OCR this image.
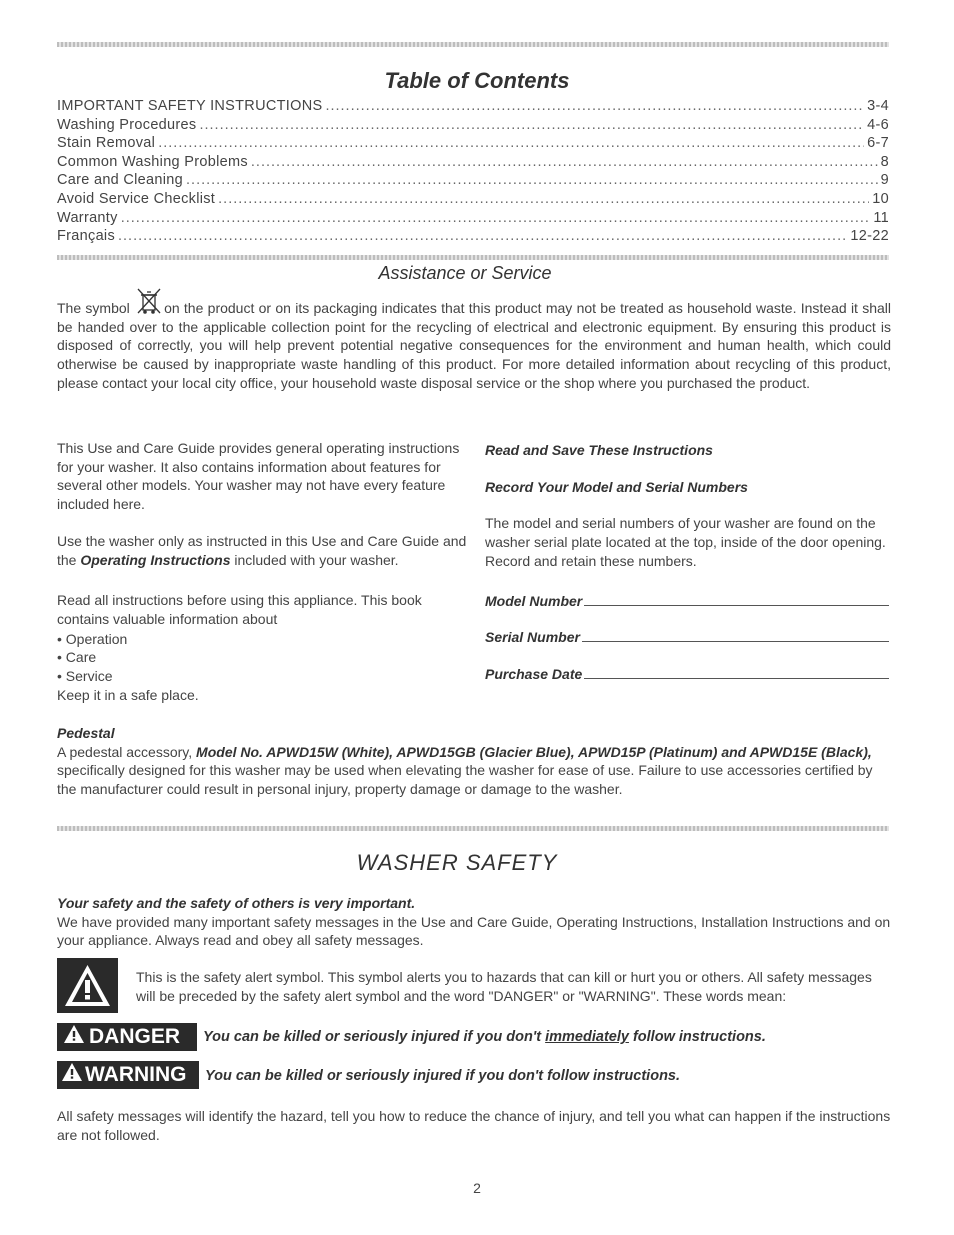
Table of Contents
IMPORTANT SAFETY INSTRUCTIONS .....	3-4
Washing Procedures .....	4-6
Stain Removal .....	6-7
Common Washing Problems .....	8
Care and Cleaning .....	9
Avoid Service Checklist .....	10
Warranty .....	11
Français .....	12-22
Assistance or Service
The symbol on the product or on its packaging indicates that this product may not be treated as household waste. Instead it shall be handed over to the applicable collection point for the recycling of electrical and electronic equipment. By ensuring this product is disposed of correctly, you will help prevent potential negative consequences for the environment and human health, which could otherwise be caused by inappropriate waste handling of this product. For more detailed information about recycling of this product, please contact your local city office, your household waste disposal service or the shop where you purchased the product.
This Use and Care Guide provides general operating instructions for your washer. It also contains information about features for several other models. Your washer may not have every feature included here.
Use the washer only as instructed in this Use and Care Guide and the Operating Instructions included with your washer.
Read all instructions before using this appliance. This book contains valuable information about
• Operation
• Care
• Service
Keep it in a safe place.
Read and Save These Instructions
Record Your Model and Serial Numbers
The model and serial numbers of your washer are found on the washer serial plate located at the top, inside of the door opening. Record and retain these numbers.
Model Number
Serial Number
Purchase Date
Pedestal
A pedestal accessory, Model No. APWD15W (White), APWD15GB (Glacier Blue), APWD15P (Platinum) and APWD15E (Black), specifically designed for this washer may be used when elevating the washer for ease of use. Failure to use accessories certified by the manufacturer could result in personal injury, property damage or damage to the washer.
WASHER SAFETY
Your safety and the safety of others is very important.
We have provided many important safety messages in the Use and Care Guide, Operating Instructions, Installation Instructions and on your appliance. Always read and obey all safety messages.
This is the safety alert symbol. This symbol alerts you to hazards that can kill or hurt you or others. All safety messages will be preceded by the safety alert symbol and the word "DANGER" or "WARNING". These words mean:
DANGER You can be killed or seriously injured if you don't immediately follow instructions.
WARNING You can be killed or seriously injured if you don't follow instructions.
All safety messages will identify the hazard, tell you how to reduce the chance of injury, and tell you what can happen if the instructions are not followed.
2
